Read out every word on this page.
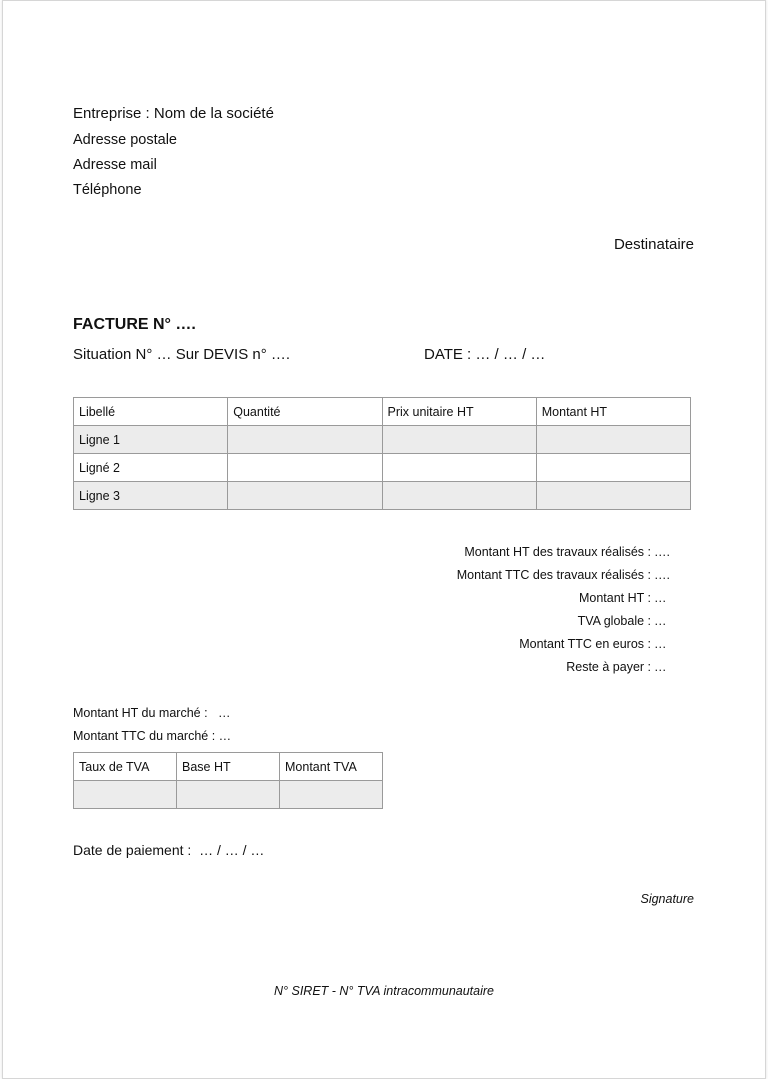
Entreprise : Nom de la société
Adresse postale
Adresse mail
Téléphone
Destinataire
FACTURE N° ….
Situation N° … Sur DEVIS n° ….	DATE : … / … / …
Libellé	Quantité	Prix unitaire HT	Montant HT
Ligne 1			
Ligné 2			
Ligne 3			
Montant HT des travaux réalisés : ….
Montant TTC des travaux réalisés : ….
Montant HT : …
TVA globale : …
Montant TTC en euros : …
Reste à payer : …
Montant HT du marché :   …
Montant TTC du marché : …
Taux de TVA	Base HT	Montant TVA

Date de paiement :  … / … / …
Signature
N° SIRET - N° TVA intracommunautaire
